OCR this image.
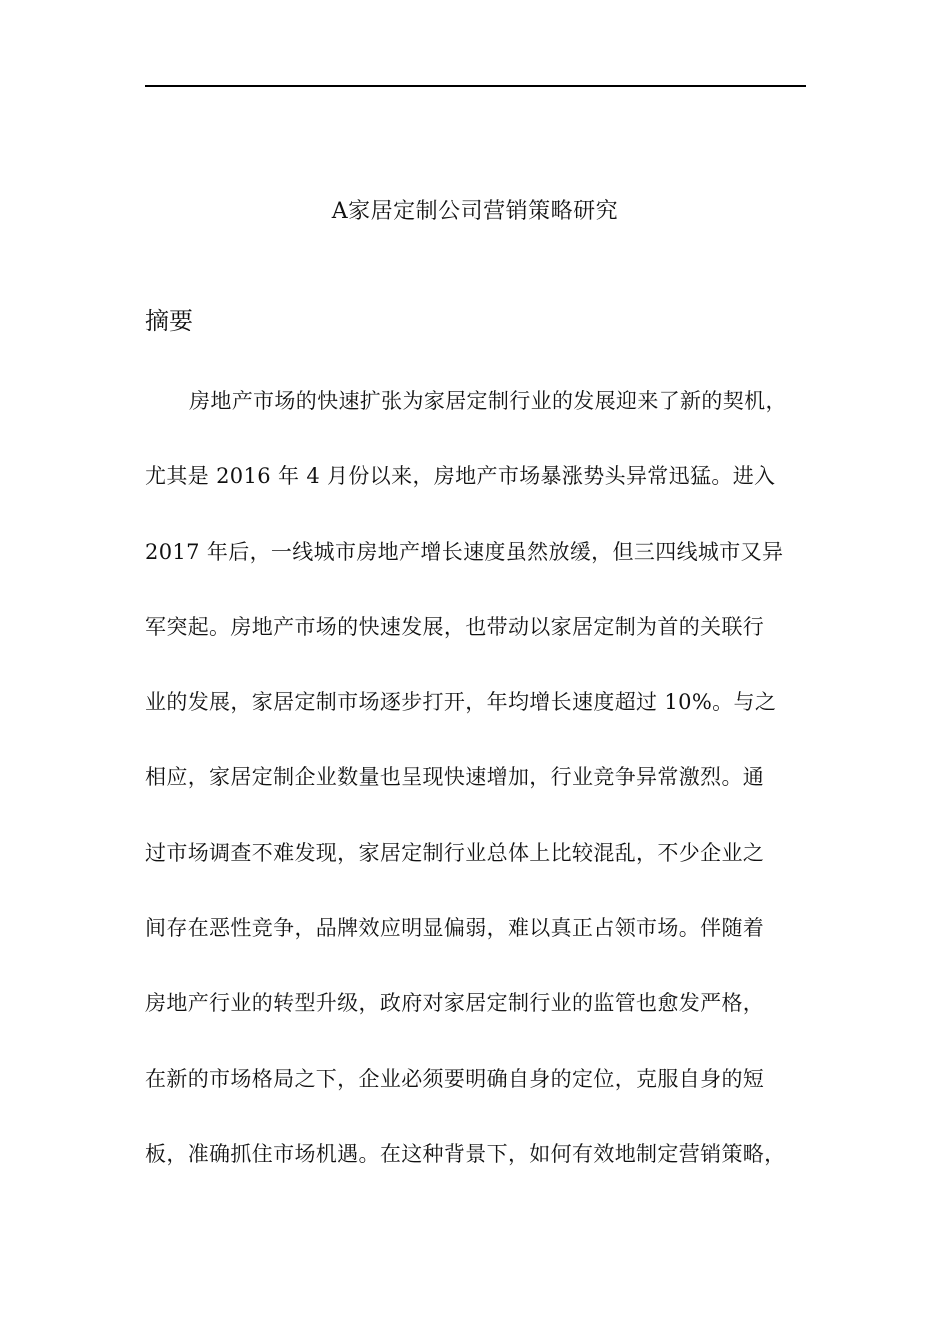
A家居定制公司营销策略研究
摘要
房地产市场的快速扩张为家居定制行业的发展迎来了新的契机，
尤其是 2016 年 4 月份以来，房地产市场暴涨势头异常迅猛。进入
2017 年后，一线城市房地产增长速度虽然放缓，但三四线城市又异
军突起。房地产市场的快速发展，也带动以家居定制为首的关联行
业的发展，家居定制市场逐步打开，年均增长速度超过 10%。与之
相应，家居定制企业数量也呈现快速增加，行业竞争异常激烈。通
过市场调查不难发现，家居定制行业总体上比较混乱，不少企业之
间存在恶性竞争，品牌效应明显偏弱，难以真正占领市场。伴随着
房地产行业的转型升级，政府对家居定制行业的监管也愈发严格，
在新的市场格局之下，企业必须要明确自身的定位，克服自身的短
板，准确抓住市场机遇。在这种背景下，如何有效地制定营销策略，
